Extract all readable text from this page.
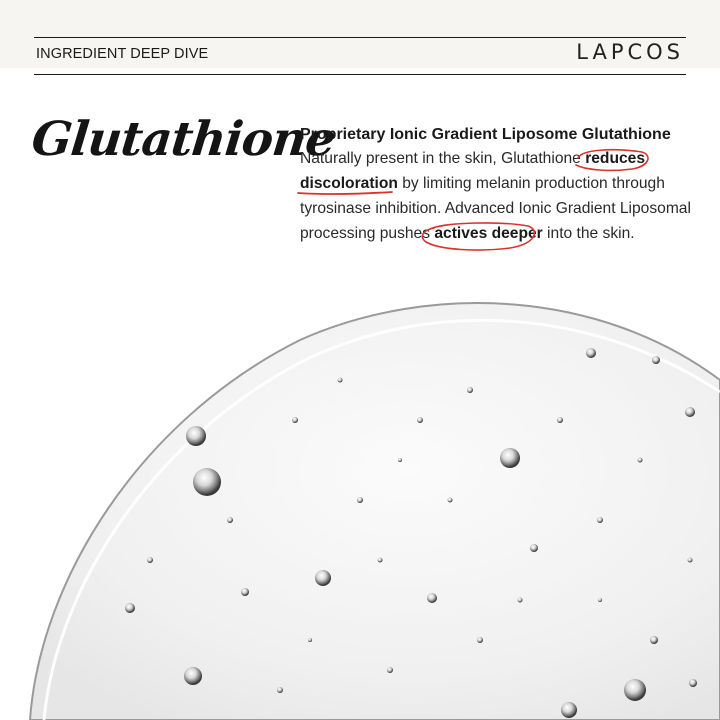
INGREDIENT DEEP DIVE	LAPCOS
Glutathione

Proprietary Ionic Gradient Liposome Glutathione

Naturally present in the skin, Glutathione reduces
discoloration by limiting melanin production through tyrosinase inhibition. Advanced Ionic Gradient Liposomal processing pushes actives deeper into the skin.
